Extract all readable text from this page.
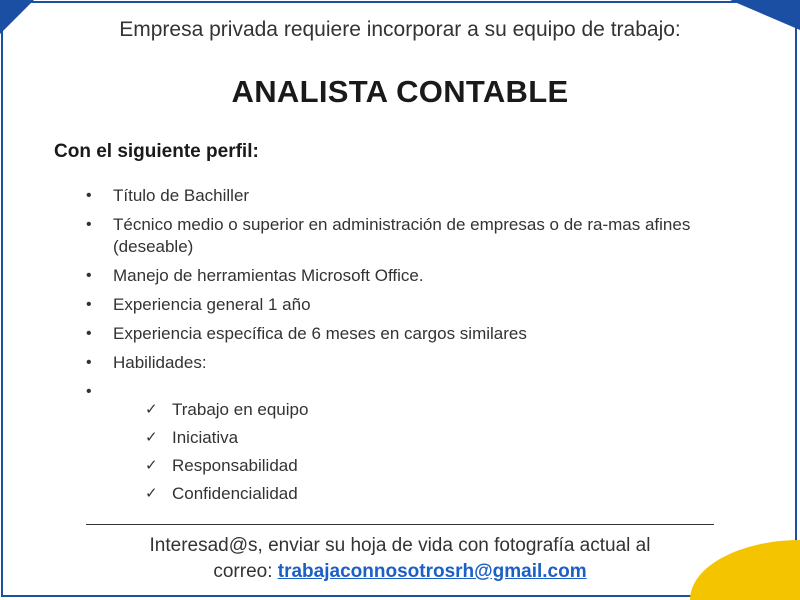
Empresa privada requiere incorporar a su equipo de trabajo:
ANALISTA CONTABLE
Con el siguiente perfil:
• Título de Bachiller
• Técnico medio o superior en administración de empresas o de ra-mas afines (deseable)
• Manejo de herramientas Microsoft Office.
• Experiencia general 1 año
• Experiencia específica de 6 meses en cargos similares
• Habilidades:
•

✓ Trabajo en equipo
✓ Iniciativa
✓ Responsabilidad
✓ Confidencialidad
Interesad@s, enviar su hoja de vida con fotografía actual al
correo: trabajaconnosotrosrh@gmail.com
